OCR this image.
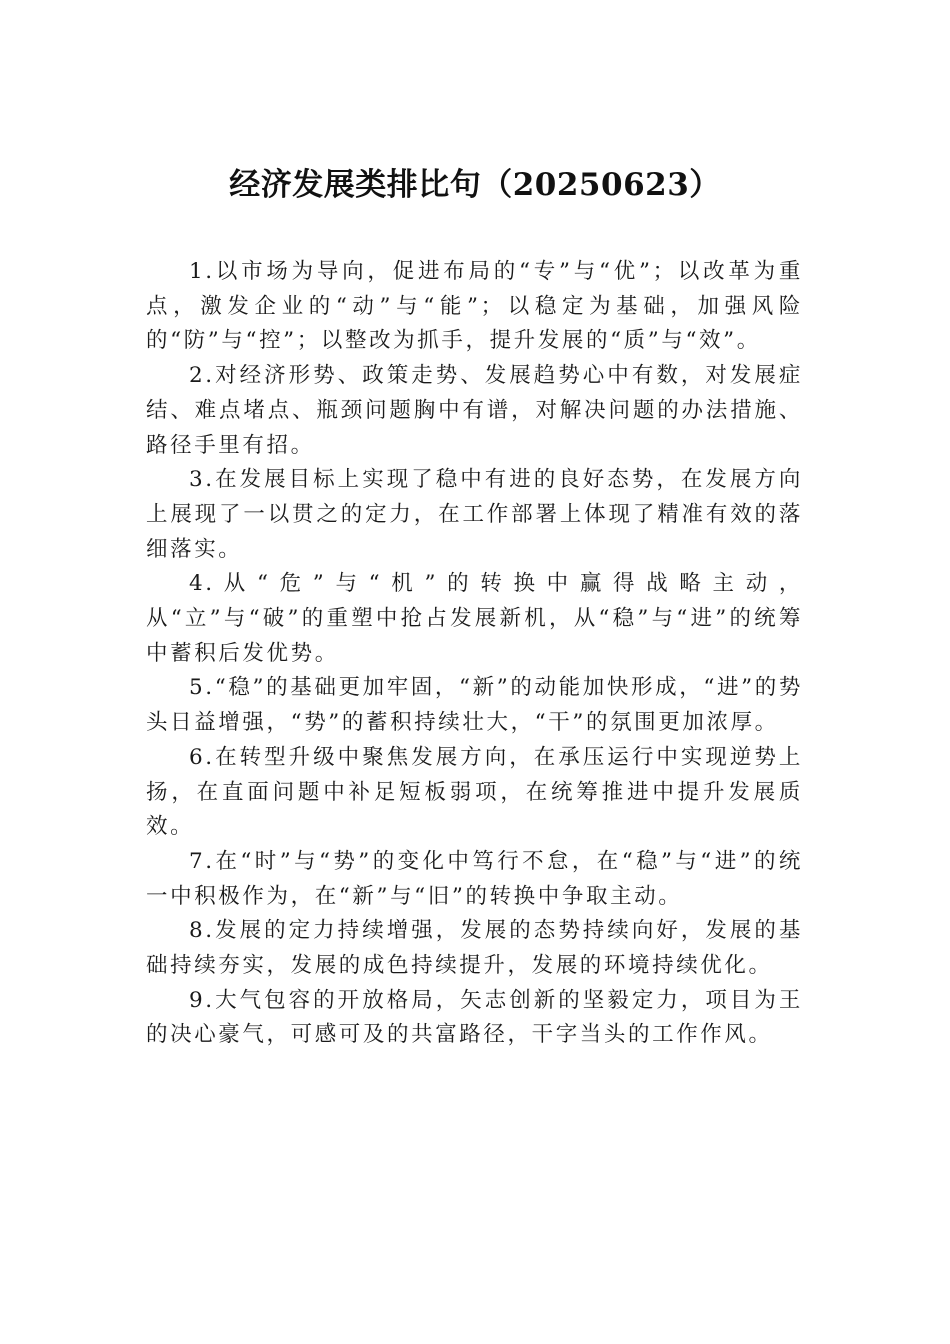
经济发展类排比句（20250623）

1.以市场为导向，促进布局的“专”与“优”；以改革为重点，激发企业的“动”与“能”；以稳定为基础，加强风险的“防”与“控”；以整改为抓手，提升发展的“质”与“效”。

2.对经济形势、政策走势、发展趋势心中有数，对发展症结、难点堵点、瓶颈问题胸中有谱，对解决问题的办法措施、路径手里有招。

3.在发展目标上实现了稳中有进的良好态势，在发展方向上展现了一以贯之的定力，在工作部署上体现了精准有效的落细落实。

4.从“危”与“机”的转换中赢得战略主动，从“立”与“破”的重塑中抢占发展新机，从“稳”与“进”的统筹中蓄积后发优势。

5.“稳”的基础更加牢固，“新”的动能加快形成，“进”的势头日益增强，“势”的蓄积持续壮大，“干”的氛围更加浓厚。

6.在转型升级中聚焦发展方向，在承压运行中实现逆势上扬，在直面问题中补足短板弱项，在统筹推进中提升发展质效。

7.在“时”与“势”的变化中笃行不怠，在“稳”与“进”的统一中积极作为，在“新”与“旧”的转换中争取主动。

8.发展的定力持续增强，发展的态势持续向好，发展的基础持续夯实，发展的成色持续提升，发展的环境持续优化。

9.大气包容的开放格局，矢志创新的坚毅定力，项目为王的决心豪气，可感可及的共富路径，干字当头的工作作风。
